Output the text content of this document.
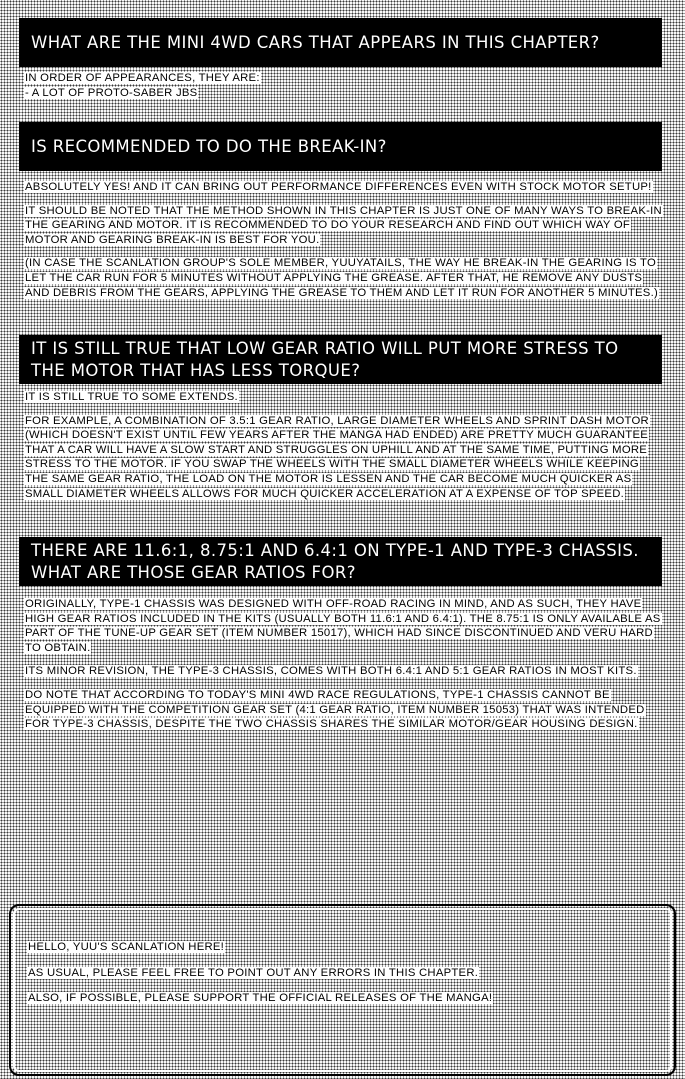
WHAT ARE THE MINI 4WD CARS THAT APPEARS IN THIS CHAPTER?

IN ORDER OF APPEARANCES, THEY ARE:

- A LOT OF PROTO-SABER JBS

IS RECOMMENDED TO DO THE BREAK-IN?

ABSOLUTELY YES! AND IT CAN BRING OUT PERFORMANCE DIFFERENCES EVEN WITH STOCK MOTOR SETUP!

IT SHOULD BE NOTED THAT THE METHOD SHOWN IN THIS CHAPTER IS JUST ONE OF MANY WAYS TO BREAK-IN THE GEARING AND MOTOR. IT IS RECOMMENDED TO DO YOUR RESEARCH AND FIND OUT WHICH WAY OF MOTOR AND GEARING BREAK-IN IS BEST FOR YOU.

(IN CASE THE SCANLATION GROUP'S SOLE MEMBER, YUUYATAILS, THE WAY HE BREAK-IN THE GEARING IS TO LET THE CAR RUN FOR 5 MINUTES WITHOUT APPLYING THE GREASE. AFTER THAT, HE REMOVE ANY DUSTS AND DEBRIS FROM THE GEARS, APPLYING THE GREASE TO THEM AND LET IT RUN FOR ANOTHER 5 MINUTES.)

IT IS STILL TRUE THAT LOW GEAR RATIO WILL PUT MORE STRESS TO THE MOTOR THAT HAS LESS TORQUE?

IT IS STILL TRUE TO SOME EXTENDS.

FOR EXAMPLE, A COMBINATION OF 3.5:1 GEAR RATIO, LARGE DIAMETER WHEELS AND SPRINT DASH MOTOR (WHICH DOESN'T EXIST UNTIL FEW YEARS AFTER THE MANGA HAD ENDED) ARE PRETTY MUCH GUARANTEE THAT A CAR WILL HAVE A SLOW START AND STRUGGLES ON UPHILL AND AT THE SAME TIME, PUTTING MORE STRESS TO THE MOTOR. IF YOU SWAP THE WHEELS WITH THE SMALL DIAMETER WHEELS WHILE KEEPING THE SAME GEAR RATIO, THE LOAD ON THE MOTOR IS LESSEN AND THE CAR BECOME MUCH QUICKER AS SMALL DIAMETER WHEELS ALLOWS FOR MUCH QUICKER ACCELERATION AT A EXPENSE OF TOP SPEED.

THERE ARE 11.6:1, 8.75:1 AND 6.4:1 ON TYPE-1 AND TYPE-3 CHASSIS. WHAT ARE THOSE GEAR RATIOS FOR?

ORIGINALLY, TYPE-1 CHASSIS WAS DESIGNED WITH OFF-ROAD RACING IN MIND, AND AS SUCH, THEY HAVE HIGH GEAR RATIOS INCLUDED IN THE KITS (USUALLY BOTH 11.6:1 AND 6.4:1). THE 8.75:1 IS ONLY AVAILABLE AS PART OF THE TUNE-UP GEAR SET (ITEM NUMBER 15017), WHICH HAD SINCE DISCONTINUED AND VERU HARD TO OBTAIN.

ITS MINOR REVISION, THE TYPE-3 CHASSIS, COMES WITH BOTH 6.4:1 AND 5:1 GEAR RATIOS IN MOST KITS.

DO NOTE THAT ACCORDING TO TODAY'S MINI 4WD RACE REGULATIONS, TYPE-1 CHASSIS CANNOT BE EQUIPPED WITH THE COMPETITION GEAR SET (4:1 GEAR RATIO, ITEM NUMBER 15053) THAT WAS INTENDED FOR TYPE-3 CHASSIS, DESPITE THE TWO CHASSIS SHARES THE SIMILAR MOTOR/GEAR HOUSING DESIGN.

HELLO, YUU'S SCANLATION HERE!

AS USUAL, PLEASE FEEL FREE TO POINT OUT ANY ERRORS IN THIS CHAPTER.

ALSO, IF POSSIBLE, PLEASE SUPPORT THE OFFICIAL RELEASES OF THE MANGA!
